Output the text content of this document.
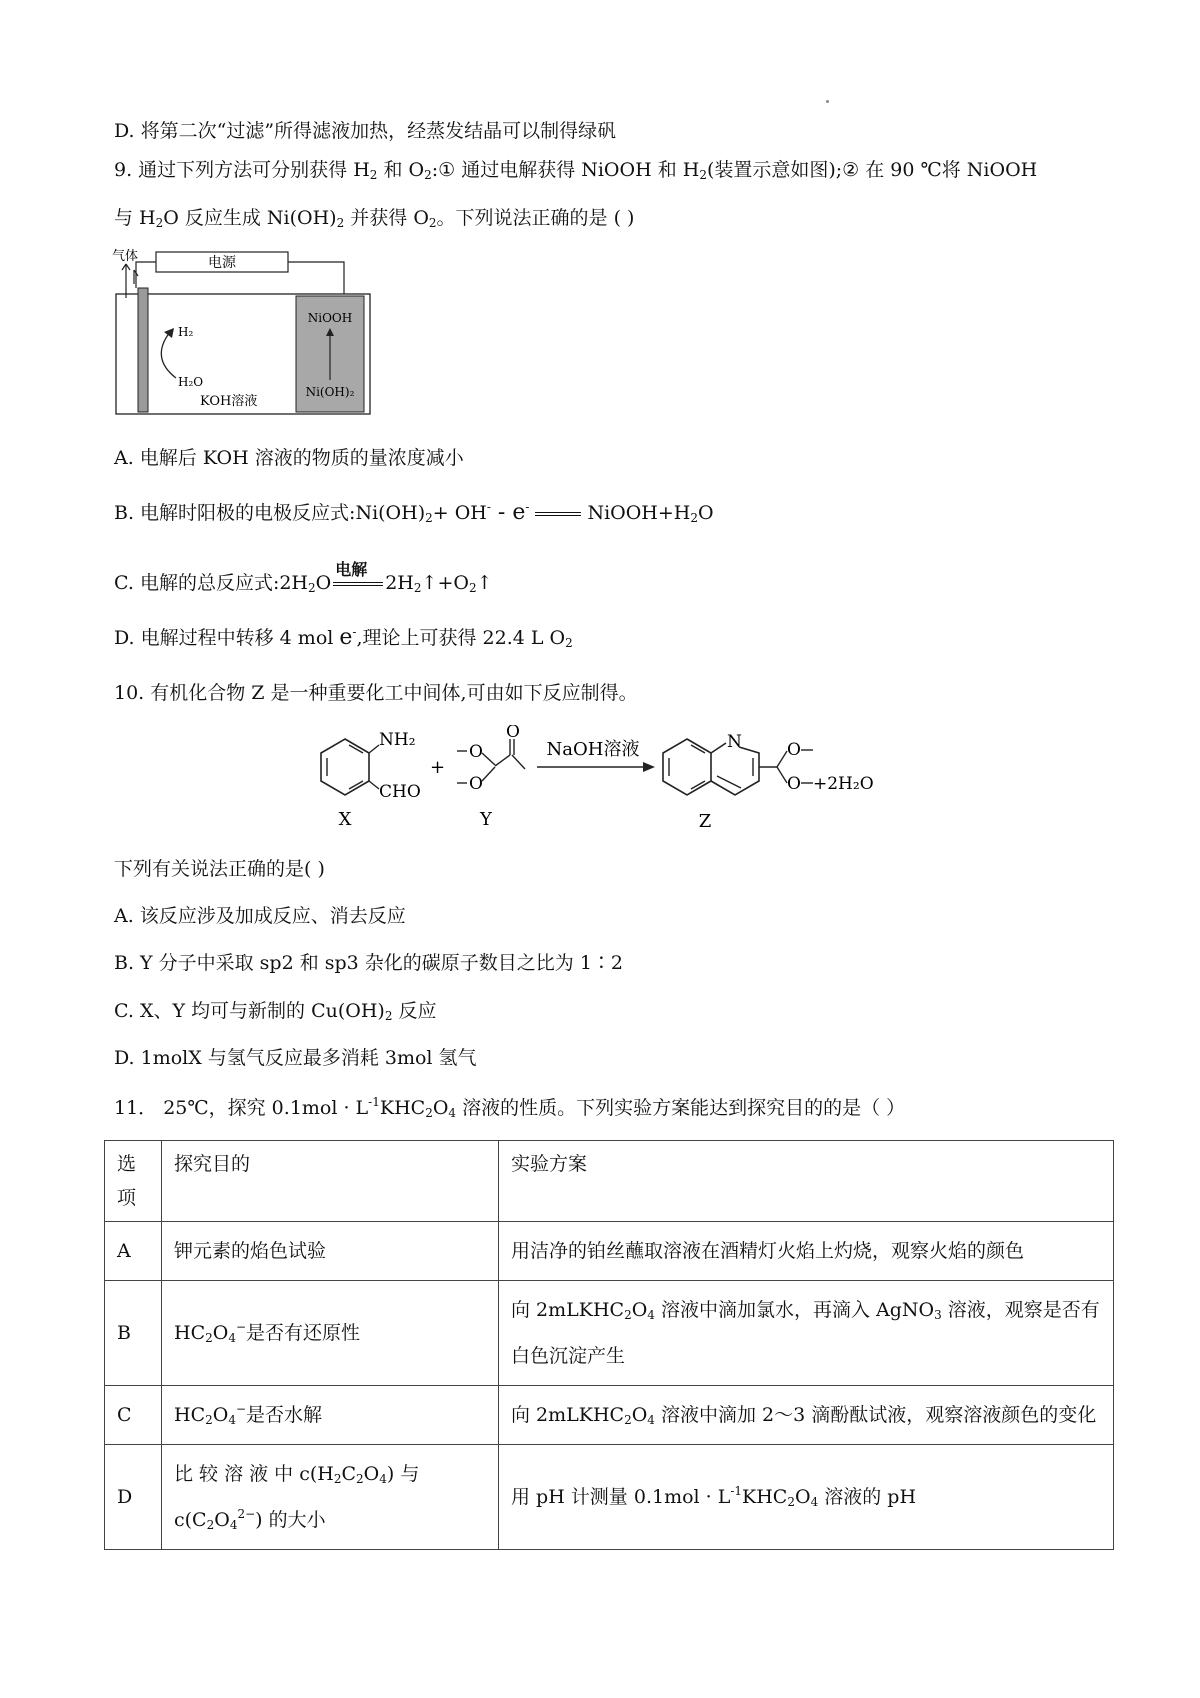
D. 将第二次“过滤”所得滤液加热，经蒸发结晶可以制得绿矾
9. 通过下列方法可分别获得 $H_2$ 和 $O_2:①$ 通过电解获得 NiOOH 和 $H_2$(装置示意如图);② 在 90 ℃将 NiOOH
与 $H_2O$ 反应生成 $Ni(OH)_2$ 并获得 $O_2$。下列说法正确的是 ( )
气体	电源
NiOOH
Ni(OH)₂
H₂
H₂O
KOH溶液
A. 电解后 KOH 溶液的物质的量浓度减小
B. 电解时阳极的电极反应式$:Ni(OH)_2+ OH^- - e^-$	$NiOOH+H_2O$
C. 电解的总反应式$:2H_2O$
电解
$2H_2↑+O_2↑$
D. 电解过程中转移 4 mol e-,理论上可获得 22.4 L $O_2$
10. 有机化合物 Z 是一种重要化工中间体,可由如下反应制得。
NH₂
CHO
X
+
O
O
O
Y
NaOH溶液	N	O
O +2H₂O
Z
下列有关说法正确的是( )
A. 该反应涉及加成反应、消去反应
B. Y 分子中采取 sp2 和 sp3 杂化的碳原子数目之比为 1∶2
C. X、Y 均可与新制的 $Cu(OH)_2$ 反应
D. 1molX 与氢气反应最多消耗 3mol 氢气
11． 25℃，探究 $0.1mol \cdot L^{-1}KHC_2O_4$ 溶液的性质。下列实验方案能达到探究目的的是（ ）
选项	探究目的	实验方案
A	钾元素的焰色试验	用洁净的铂丝蘸取溶液在酒精灯火焰上灼烧，观察火焰的颜色
B	$HC_2O_4^-$是否有还原性	向 $2mLKHC_2O_4$ 溶液中滴加氯水，再滴入 AgNO$_3$ 溶液，观察是否有白色沉淀产生
C	$HC_2O_4^-$是否水解	向 $2mLKHC_2O_4$ 溶液中滴加 2～3 滴酚酞试液，观察溶液颜色的变化
D	比 较 溶 液 中 $c(H_2C_2O_4)$ 与
$c(C_2O_4^{2-})$ 的大小	用 pH 计测量 $0.1mol \cdot L^{-1}KHC_2O_4$ 溶液的 pH
